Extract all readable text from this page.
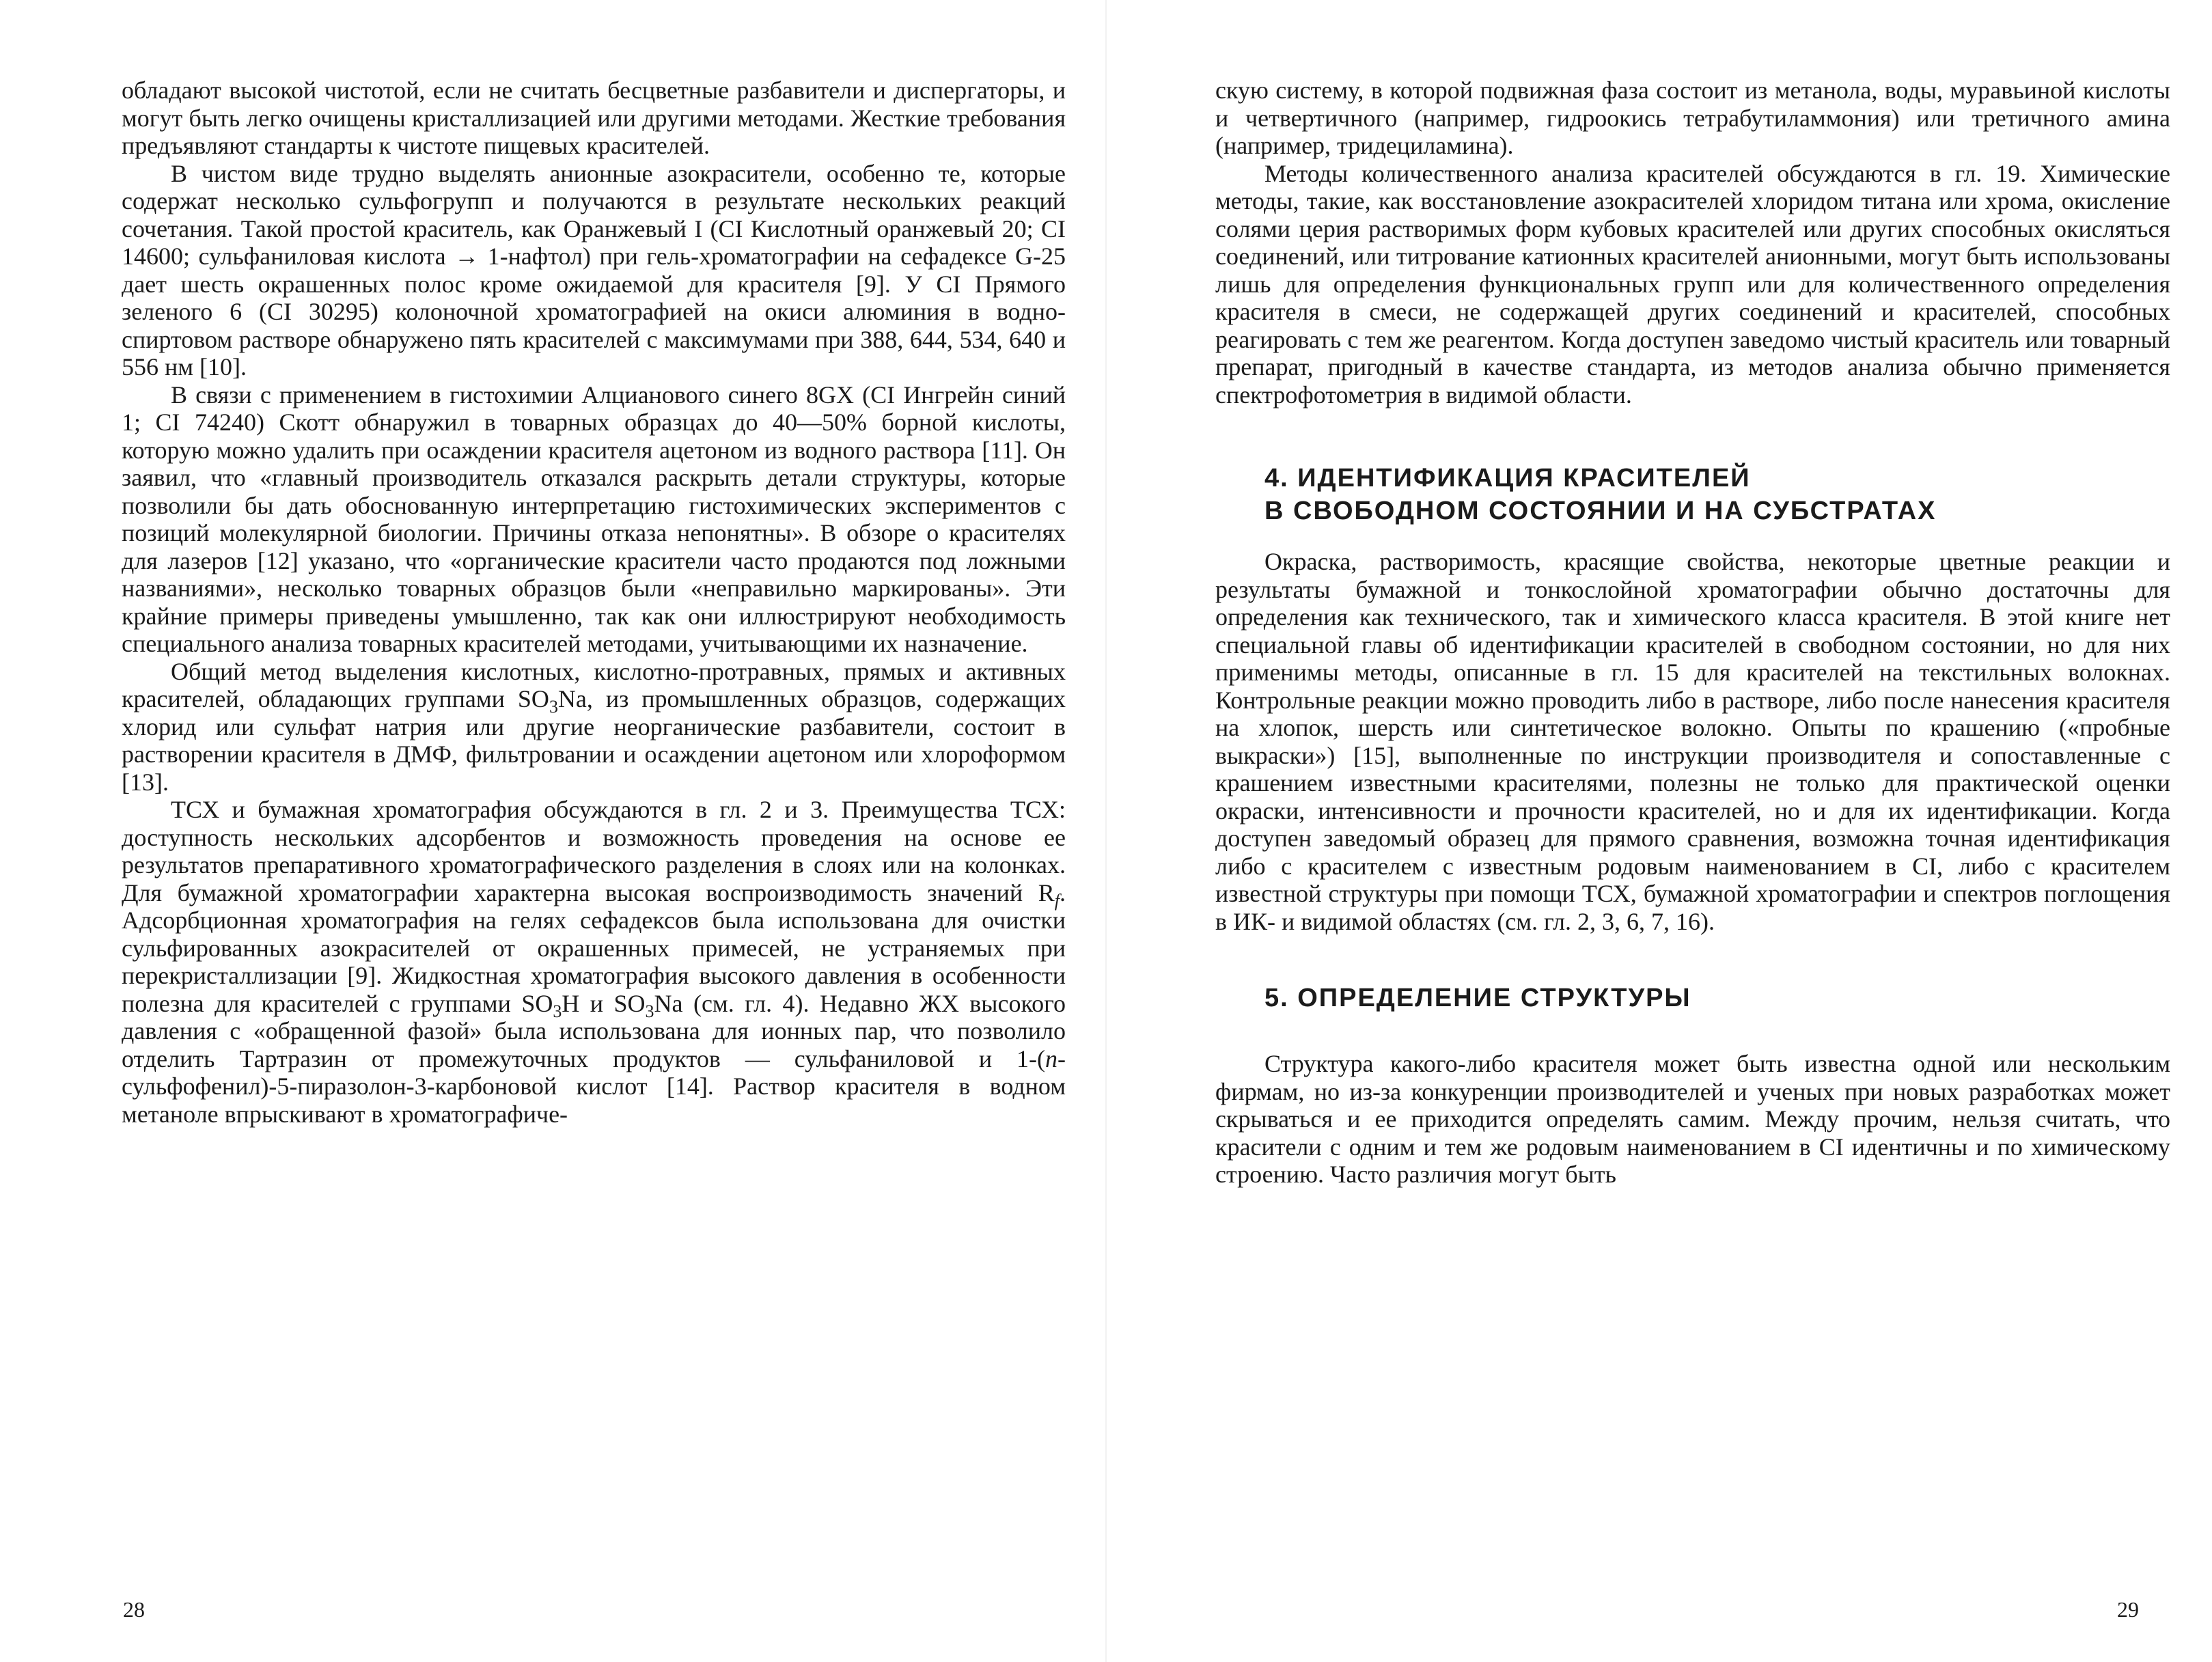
обладают высокой чистотой, если не считать бесцветные разбавители и диспергаторы, и могут быть легко очищены кристаллизацией или другими методами. Жесткие требования предъявляют стандарты к чистоте пищевых красителей.

В чистом виде трудно выделять анионные азокрасители, особенно те, которые содержат несколько сульфогрупп и получаются в результате нескольких реакций сочетания. Такой простой краситель, как Оранжевый I (CI Кислотный оранжевый 20; CI 14600; сульфаниловая кислота → 1-нафтол) при гель-хроматографии на сефадексе G-25 дает шесть окрашенных полос кроме ожидаемой для красителя [9]. У CI Прямого зеленого 6 (CI 30295) колоночной хроматографией на окиси алюминия в водно-спиртовом растворе обнаружено пять красителей с максимумами при 388, 644, 534, 640 и 556 нм [10].

В связи с применением в гистохимии Алцианового синего 8GX (CI Ингрейн синий 1; CI 74240) Скотт обнаружил в товарных образцах до 40—50% борной кислоты, которую можно удалить при осаждении красителя ацетоном из водного раствора [11]. Он заявил, что «главный производитель отказался раскрыть детали структуры, которые позволили бы дать обоснованную интерпретацию гистохимических экспериментов с позиций молекулярной биологии. Причины отказа непонятны». В обзоре о красителях для лазеров [12] указано, что «органические красители часто продаются под ложными названиями», несколько товарных образцов были «неправильно маркированы». Эти крайние примеры приведены умышленно, так как они иллюстрируют необходимость специального анализа товарных красителей методами, учитывающими их назначение.

Общий метод выделения кислотных, кислотно-протравных, прямых и активных красителей, обладающих группами $SO_3Na$, из промышленных образцов, содержащих хлорид или сульфат натрия или другие неорганические разбавители, состоит в растворении красителя в ДМФ, фильтровании и осаждении ацетоном или хлороформом [13].

ТСХ и бумажная хроматография обсуждаются в гл. 2 и 3. Преимущества ТСХ: доступность нескольких адсорбентов и возможность проведения на основе ее результатов препаративного хроматографического разделения в слоях или на колонках. Для бумажной хроматографии характерна высокая воспроизводимость значений $R_f$. Адсорбционная хроматография на гелях сефадексов была использована для очистки сульфированных азокрасителей от окрашенных примесей, не устраняемых при перекристаллизации [9]. Жидкостная хроматография высокого давления в особенности полезна для красителей с группами $SO_3H$ и $SO_3Na$ (см. гл. 4). Недавно ЖХ высокого давления с «обращенной фазой» была использована для ионных пар, что позволило отделить Тартразин от промежуточных продуктов — сульфаниловой и 1-(n-сульфофенил)-5-пиразолон-3-карбоновой кислот [14]. Раствор красителя в водном метаноле впрыскивают в хроматографиче-

28

скую систему, в которой подвижная фаза состоит из метанола, воды, муравьиной кислоты и четвертичного (например, гидроокись тетрабутиламмония) или третичного амина (например, тридециламина).

Методы количественного анализа красителей обсуждаются в гл. 19. Химические методы, такие, как восстановление азокрасителей хлоридом титана или хрома, окисление солями церия растворимых форм кубовых красителей или других способных окисляться соединений, или титрование катионных красителей анионными, могут быть использованы лишь для определения функциональных групп или для количественного определения красителя в смеси, не содержащей других соединений и красителей, способных реагировать с тем же реагентом. Когда доступен заведомо чистый краситель или товарный препарат, пригодный в качестве стандарта, из методов анализа обычно применяется спектрофотометрия в видимой области.

4. ИДЕНТИФИКАЦИЯ КРАСИТЕЛЕЙ
В СВОБОДНОМ СОСТОЯНИИ И НА СУБСТРАТАХ

Окраска, растворимость, красящие свойства, некоторые цветные реакции и результаты бумажной и тонкослойной хроматографии обычно достаточны для определения как технического, так и химического класса красителя. В этой книге нет специальной главы об идентификации красителей в свободном состоянии, но для них применимы методы, описанные в гл. 15 для красителей на текстильных волокнах. Контрольные реакции можно проводить либо в растворе, либо после нанесения красителя на хлопок, шерсть или синтетическое волокно. Опыты по крашению («пробные выкраски») [15], выполненные по инструкции производителя и сопоставленные с крашением известными красителями, полезны не только для практической оценки окраски, интенсивности и прочности красителей, но и для их идентификации. Когда доступен заведомый образец для прямого сравнения, возможна точная идентификация либо с красителем с известным родовым наименованием в CI, либо с красителем известной структуры при помощи ТСХ, бумажной хроматографии и спектров поглощения в ИК- и видимой областях (см. гл. 2, 3, 6, 7, 16).

5. ОПРЕДЕЛЕНИЕ СТРУКТУРЫ

Структура какого-либо красителя может быть известна одной или нескольким фирмам, но из-за конкуренции производителей и ученых при новых разработках может скрываться и ее приходится определять самим. Между прочим, нельзя считать, что красители с одним и тем же родовым наименованием в CI идентичны и по химическому строению. Часто различия могут быть

29
